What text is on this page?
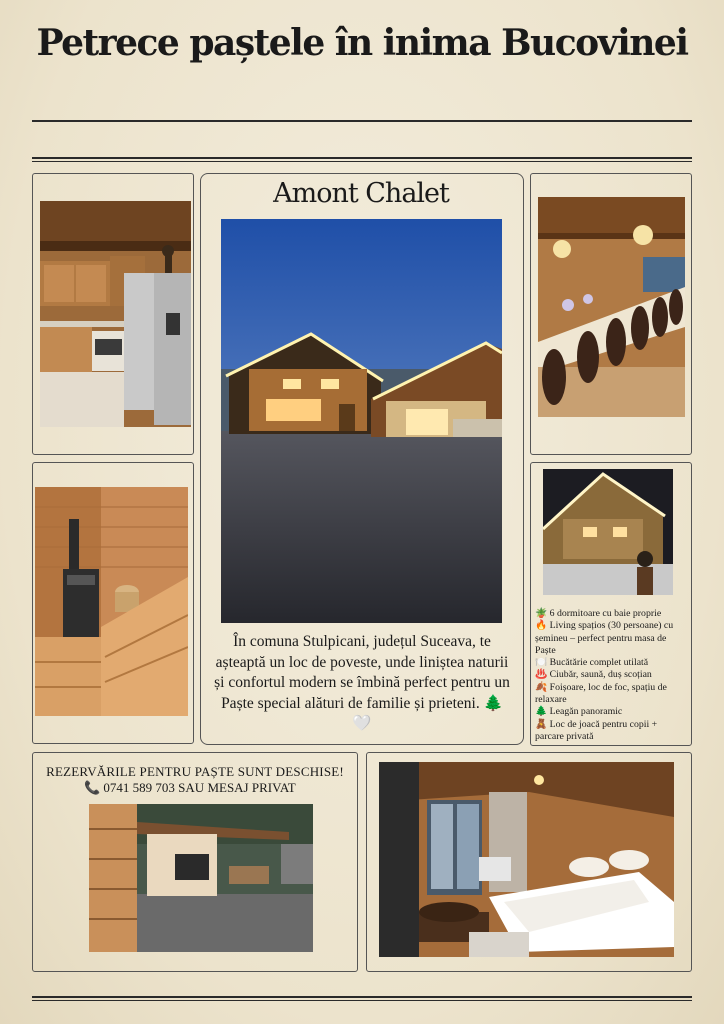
Petrece paștele în inima Bucovinei
Amont Chalet
În comuna Stulpicani, județul Suceava, te așteaptă un loc de poveste, unde liniștea naturii și confortul modern se îmbină perfect pentru un Paște special alături de familie și prieteni. 🌲🤍
🪴 6 dormitoare cu baie proprie
🔥 Living spațios (30 persoane) cu șemineu – perfect pentru masa de Paște
🍽️ Bucătărie complet utilată
♨️ Ciubăr, saună, duș scoțian
🍂 Foișoare, loc de foc, spațiu de relaxare
🌲 Leagăn panoramic
🧸 Loc de joacă pentru copii + parcare privată
REZERVĂRILE PENTRU PAȘTE SUNT DESCHISE!
📞 0741 589 703 SAU MESAJ PRIVAT
